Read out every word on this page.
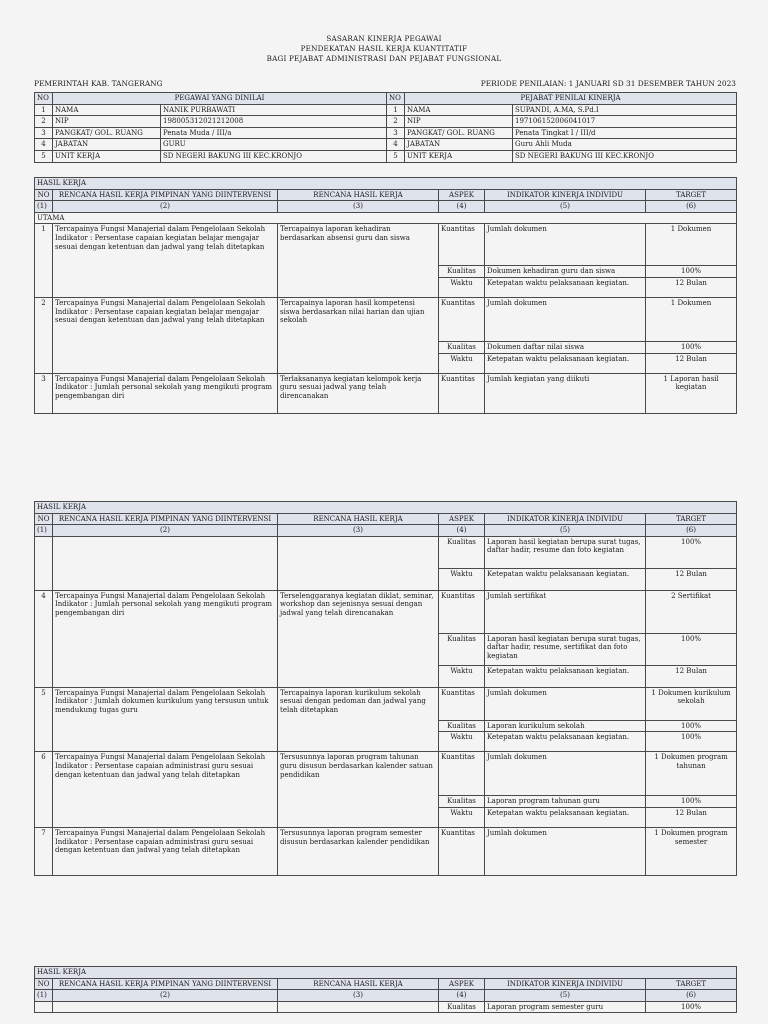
SASARAN KINERJA PEGAWAI
PENDEKATAN HASIL KERJA KUANTITATIF
BAGI PEJABAT ADMINISTRASI DAN PEJABAT FUNGSIONAL
PEMERINTAH KAB. TANGERANG	PERIODE PENILAIAN: 1 JANUARI SD 31 DESEMBER TAHUN 2023
NO	PEGAWAI YANG DINILAI		NO	PEJABAT PENILAI KINERJA	
1	NAMA	NANIK PURBAWATI	1	NAMA	SUPANDI, A.MA, S.Pd.I
2	NIP	198005312021212008	2	NIP	197106152006041017
3	PANGKAT/ GOL. RUANG	Penata Muda / III/a	3	PANGKAT/ GOL. RUANG	Penata Tingkat I / III/d
4	JABATAN	GURU	4	JABATAN	Guru Ahli Muda
5	UNIT KERJA	SD NEGERI BAKUNG III KEC.KRONJO	5	UNIT KERJA	SD NEGERI BAKUNG III KEC.KRONJO
HASIL KERJA					
NO	RENCANA HASIL KERJA PIMPINAN YANG DIINTERVENSI	RENCANA HASIL KERJA	ASPEK	INDIKATOR KINERJA INDIVIDU	TARGET
(1)	(2)	(3)	(4)	(5)	(6)
UTAMA					
1	Tercapainya Fungsi Manajerial dalam Pengelolaan Sekolah Indikator : Persentase capaian kegiatan belajar mengajar sesuai dengan ketentuan dan jadwal yang telah ditetapkan	Tercapainya laporan kehadiran berdasarkan absensi guru dan siswa	Kuantitas	Jumlah dokumen	1 Dokumen
			Kualitas	Dokumen kehadiran guru dan siswa	100%
			Waktu	Ketepatan waktu pelaksanaan kegiatan.	12 Bulan
2	Tercapainya Fungsi Manajerial dalam Pengelolaan Sekolah Indikator : Persentase capaian kegiatan belajar mengajar sesuai dengan ketentuan dan jadwal yang telah ditetapkan	Tercapainya laporan hasil kompetensi siswa berdasarkan nilai harian dan ujian sekolah	Kuantitas	Jumlah dokumen	1 Dokumen
			Kualitas	Dokumen daftar nilai siswa	100%
			Waktu	Ketepatan waktu pelaksanaan kegiatan.	12 Bulan
3	Tercapainya Fungsi Manajerial dalam Pengelolaan Sekolah Indikator : Jumlah personal sekolah yang mengikuti program pengembangan diri	Terlaksananya kegiatan kelompok kerja guru sesuai jadwal yang telah direncanakan	Kuantitas	Jumlah kegiatan yang diikuti	1 Laporan hasil kegiatan
HASIL KERJA					
NO	RENCANA HASIL KERJA PIMPINAN YANG DIINTERVENSI	RENCANA HASIL KERJA	ASPEK	INDIKATOR KINERJA INDIVIDU	TARGET
(1)	(2)	(3)	(4)	(5)	(6)
			Kualitas	Laporan hasil kegiatan berupa surat tugas, daftar hadir, resume dan foto kegiatan	100%
			Waktu	Ketepatan waktu pelaksanaan kegiatan.	12 Bulan
4	Tercapainya Fungsi Manajerial dalam Pengelolaan Sekolah Indikator : Jumlah personal sekolah yang mengikuti program pengembangan diri	Terselenggaranya kegiatan diklat, seminar, workshop dan sejenisnya sesuai dengan jadwal yang telah direncanakan	Kuantitas	Jumlah sertifikat	2 Sertifikat
			Kualitas	Laporan hasil kegiatan berupa surat tugas, daftar hadir, resume, sertifikat dan foto kegiatan	100%
			Waktu	Ketepatan waktu pelaksanaan kegiatan.	12 Bulan
5	Tercapainya Fungsi Manajerial dalam Pengelolaan Sekolah Indikator : Jumlah dokumen kurikulum yang tersusun untuk mendukung tugas guru	Tercapainya laporan kurikulum sekolah sesuai dengan pedoman dan jadwal yang telah ditetapkan	Kuantitas	Jumlah dokumen	1 Dokumen kurikulum sekolah
			Kualitas	Laporan kurikulum sekolah	100%
			Waktu	Ketepatan waktu pelaksanaan kegiatan.	100%
6	Tercapainya Fungsi Manajerial dalam Pengelolaan Sekolah Indikator : Persentase capaian administrasi guru sesuai dengan ketentuan dan jadwal yang telah ditetapkan	Tersusunnya laporan program tahunan guru disusun berdasarkan kalender satuan pendidikan	Kuantitas	Jumlah dokumen	1 Dokumen program tahunan
			Kualitas	Laporan program tahunan guru	100%
			Waktu	Ketepatan waktu pelaksanaan kegiatan.	12 Bulan
7	Tercapainya Fungsi Manajerial dalam Pengelolaan Sekolah Indikator : Persentase capaian administrasi guru sesuai dengan ketentuan dan jadwal yang telah ditetapkan	Tersusunnya laporan program semester disusun berdasarkan kalender pendidikan	Kuantitas	Jumlah dokumen	1 Dokumen program semester
HASIL KERJA					
NO	RENCANA HASIL KERJA PIMPINAN YANG DIINTERVENSI	RENCANA HASIL KERJA	ASPEK	INDIKATOR KINERJA INDIVIDU	TARGET
(1)	(2)	(3)	(4)	(5)	(6)
			Kualitas	Laporan program semester guru	100%
